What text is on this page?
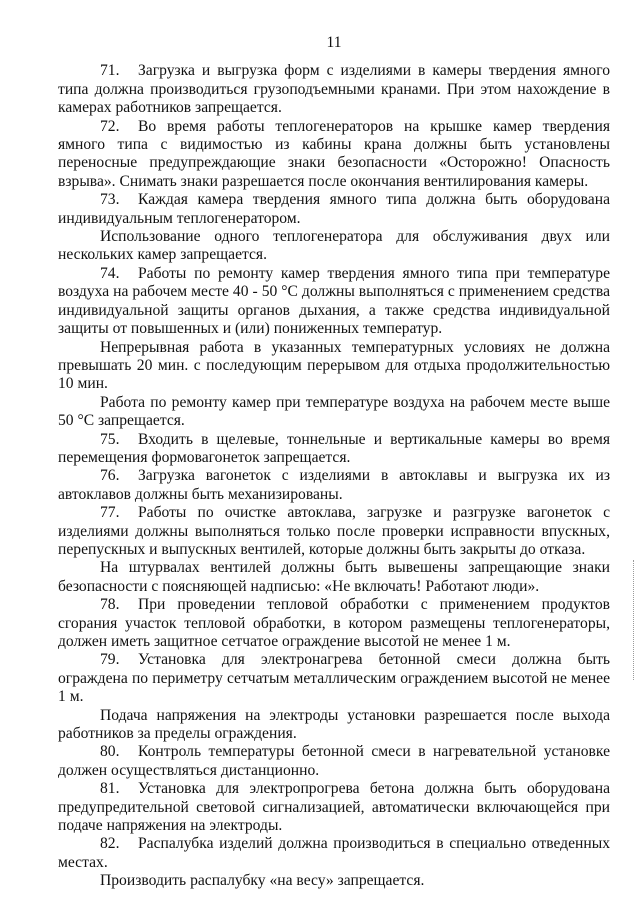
11

71. Загрузка и выгрузка форм с изделиями в камеры твердения ямного типа должна производиться грузоподъемными кранами. При этом нахождение в камерах работников запрещается.

72. Во время работы теплогенераторов на крышке камер твердения ямного типа с видимостью из кабины крана должны быть установлены переносные предупреждающие знаки безопасности «Осторожно! Опасность взрыва». Снимать знаки разрешается после окончания вентилирования камеры.

73. Каждая камера твердения ямного типа должна быть оборудована индивидуальным теплогенератором.

Использование одного теплогенератора для обслуживания двух или нескольких камер запрещается.

74. Работы по ремонту камер твердения ямного типа при температуре воздуха на рабочем месте 40 - 50 °С должны выполняться с применением средства индивидуальной защиты органов дыхания, а также средства индивидуальной защиты от повышенных и (или) пониженных температур.

Непрерывная работа в указанных температурных условиях не должна превышать 20 мин. с последующим перерывом для отдыха продолжительностью 10 мин.

Работа по ремонту камер при температуре воздуха на рабочем месте выше 50 °С запрещается.

75. Входить в щелевые, тоннельные и вертикальные камеры во время перемещения формовагонеток запрещается.

76. Загрузка вагонеток с изделиями в автоклавы и выгрузка их из автоклавов должны быть механизированы.

77. Работы по очистке автоклава, загрузке и разгрузке вагонеток с изделиями должны выполняться только после проверки исправности впускных, перепускных и выпускных вентилей, которые должны быть закрыты до отказа.

На штурвалах вентилей должны быть вывешены запрещающие знаки безопасности с поясняющей надписью: «Не включать! Работают люди».

78. При проведении тепловой обработки с применением продуктов сгорания участок тепловой обработки, в котором размещены теплогенераторы, должен иметь защитное сетчатое ограждение высотой не менее 1 м.

79. Установка для электронагрева бетонной смеси должна быть ограждена по периметру сетчатым металлическим ограждением высотой не менее 1 м.

Подача напряжения на электроды установки разрешается после выхода работников за пределы ограждения.

80. Контроль температуры бетонной смеси в нагревательной установке должен осуществляться дистанционно.

81. Установка для электропрогрева бетона должна быть оборудована предупредительной световой сигнализацией, автоматически включающейся при подаче напряжения на электроды.

82. Распалубка изделий должна производиться в специально отведенных местах.

Производить распалубку «на весу» запрещается.
